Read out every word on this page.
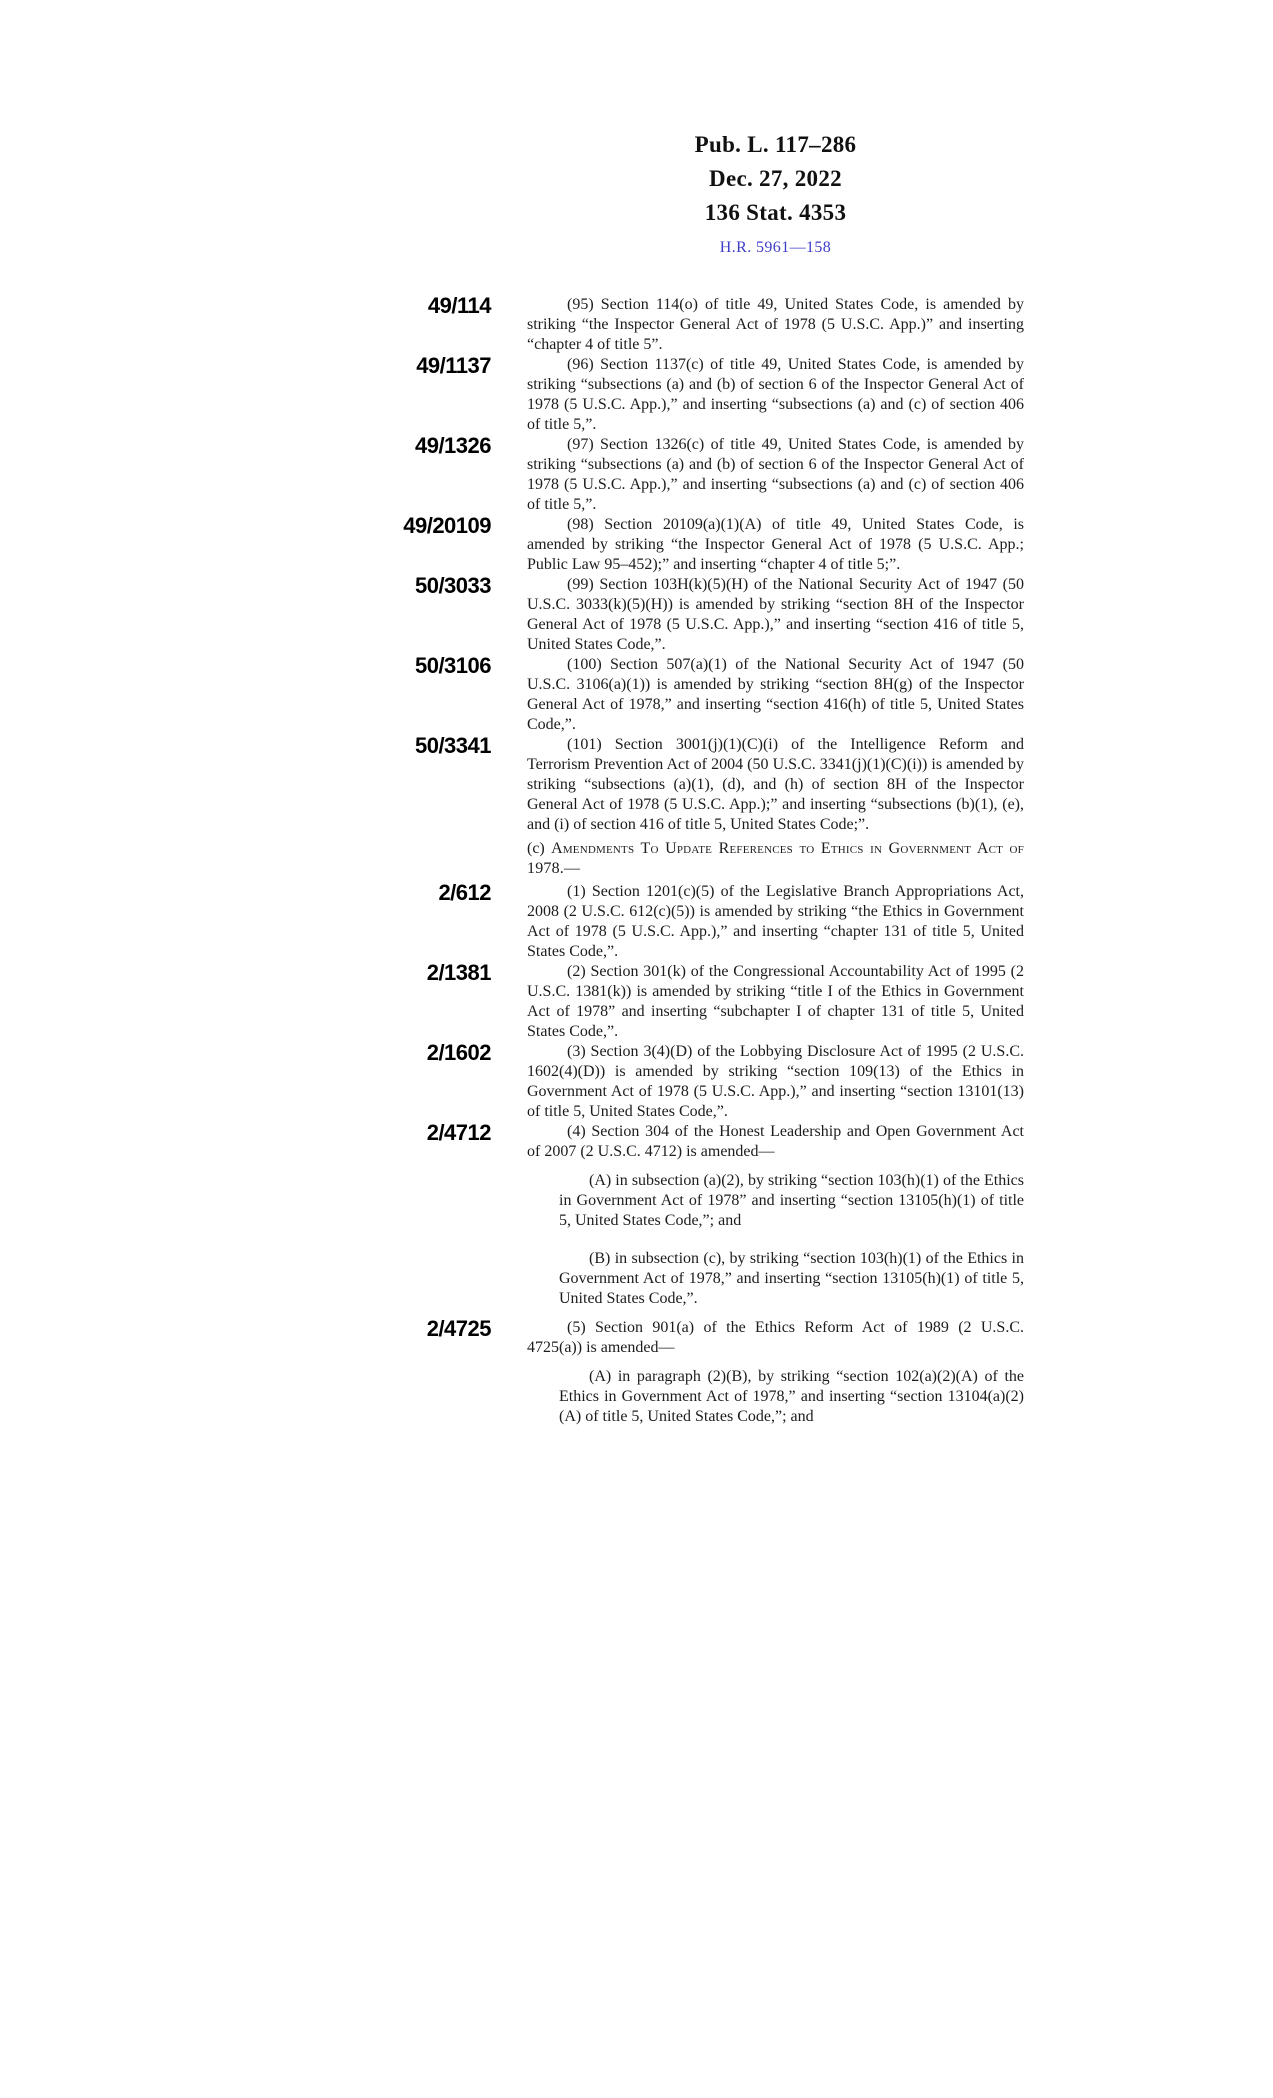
Pub. L. 117–286
Dec. 27, 2022
136 Stat. 4353
H.R. 5961—158
49/114	(95) Section 114(o) of title 49, United States Code, is amended by striking “the Inspector General Act of 1978 (5 U.S.C. App.)” and inserting “chapter 4 of title 5”.

49/1137	(96) Section 1137(c) of title 49, United States Code, is amended by striking “subsections (a) and (b) of section 6 of the Inspector General Act of 1978 (5 U.S.C. App.),” and inserting “subsections (a) and (c) of section 406 of title 5,”.

49/1326	(97) Section 1326(c) of title 49, United States Code, is amended by striking “subsections (a) and (b) of section 6 of the Inspector General Act of 1978 (5 U.S.C. App.),” and inserting “subsections (a) and (c) of section 406 of title 5,”.

49/20109	(98) Section 20109(a)(1)(A) of title 49, United States Code, is amended by striking “the Inspector General Act of 1978 (5 U.S.C. App.; Public Law 95–452);” and inserting “chapter 4 of title 5;”.

50/3033	(99) Section 103H(k)(5)(H) of the National Security Act of 1947 (50 U.S.C. 3033(k)(5)(H)) is amended by striking “section 8H of the Inspector General Act of 1978 (5 U.S.C. App.),” and inserting “section 416 of title 5, United States Code,”.

50/3106	(100) Section 507(a)(1) of the National Security Act of 1947 (50 U.S.C. 3106(a)(1)) is amended by striking “section 8H(g) of the Inspector General Act of 1978,” and inserting “section 416(h) of title 5, United States Code,”.

50/3341	(101) Section 3001(j)(1)(C)(i) of the Intelligence Reform and Terrorism Prevention Act of 2004 (50 U.S.C. 3341(j)(1)(C)(i)) is amended by striking “subsections (a)(1), (d), and (h) of section 8H of the Inspector General Act of 1978 (5 U.S.C. App.);” and inserting “subsections (b)(1), (e), and (i) of section 416 of title 5, United States Code;”.

(c) Amendments To Update References to Ethics in Government Act of 1978.—

2/612	(1) Section 1201(c)(5) of the Legislative Branch Appropriations Act, 2008 (2 U.S.C. 612(c)(5)) is amended by striking “the Ethics in Government Act of 1978 (5 U.S.C. App.),” and inserting “chapter 131 of title 5, United States Code,”.

2/1381	(2) Section 301(k) of the Congressional Accountability Act of 1995 (2 U.S.C. 1381(k)) is amended by striking “title I of the Ethics in Government Act of 1978” and inserting “subchapter I of chapter 131 of title 5, United States Code,”.

2/1602	(3) Section 3(4)(D) of the Lobbying Disclosure Act of 1995 (2 U.S.C. 1602(4)(D)) is amended by striking “section 109(13) of the Ethics in Government Act of 1978 (5 U.S.C. App.),” and inserting “section 13101(13) of title 5, United States Code,”.

2/4712	(4) Section 304 of the Honest Leadership and Open Government Act of 2007 (2 U.S.C. 4712) is amended—

(A) in subsection (a)(2), by striking “section 103(h)(1) of the Ethics in Government Act of 1978” and inserting “section 13105(h)(1) of title 5, United States Code,”; and

(B) in subsection (c), by striking “section 103(h)(1) of the Ethics in Government Act of 1978,” and inserting “section 13105(h)(1) of title 5, United States Code,”.

2/4725	(5) Section 901(a) of the Ethics Reform Act of 1989 (2 U.S.C. 4725(a)) is amended—

(A) in paragraph (2)(B), by striking “section 102(a)(2)(A) of the Ethics in Government Act of 1978,” and inserting “section 13104(a)(2)(A) of title 5, United States Code,”; and
